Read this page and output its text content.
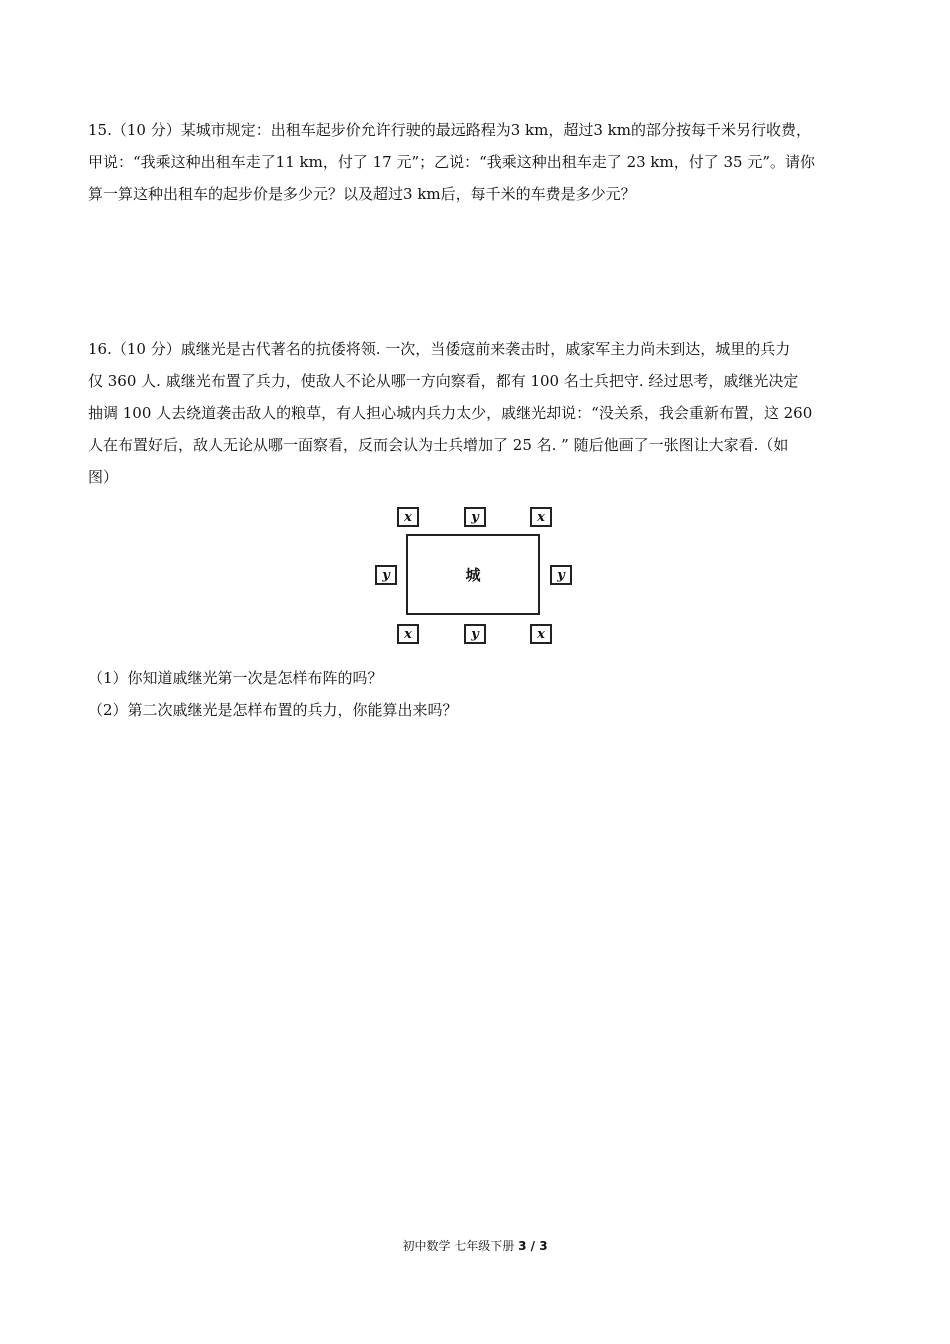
15.（10 分）某城市规定：出租车起步价允许行驶的最远路程为3 km，超过3 km的部分按每千米另行收费，
甲说：“我乘这种出租车走了11 km，付了 17 元”；乙说：“我乘这种出租车走了 23 km，付了 35 元”。请你
算一算这种出租车的起步价是多少元？以及超过3 km后，每千米的车费是多少元？
16.（10 分）戚继光是古代著名的抗倭将领. 一次，当倭寇前来袭击时，戚家军主力尚未到达，城里的兵力
仅 360 人. 戚继光布置了兵力，使敌人不论从哪一方向察看，都有 100 名士兵把守. 经过思考，戚继光决定
抽调 100 人去绕道袭击敌人的粮草，有人担心城内兵力太少，戚继光却说：“没关系，我会重新布置，这 260
人在布置好后，敌人无论从哪一面察看，反而会认为士兵增加了 25 名. ” 随后他画了一张图让大家看.（如
图）
城
x	y	x
y	y
x	y	x
（1）你知道戚继光第一次是怎样布阵的吗？
（2）第二次戚继光是怎样布置的兵力，你能算出来吗？
初中数学 七年级下册 3 / 3
